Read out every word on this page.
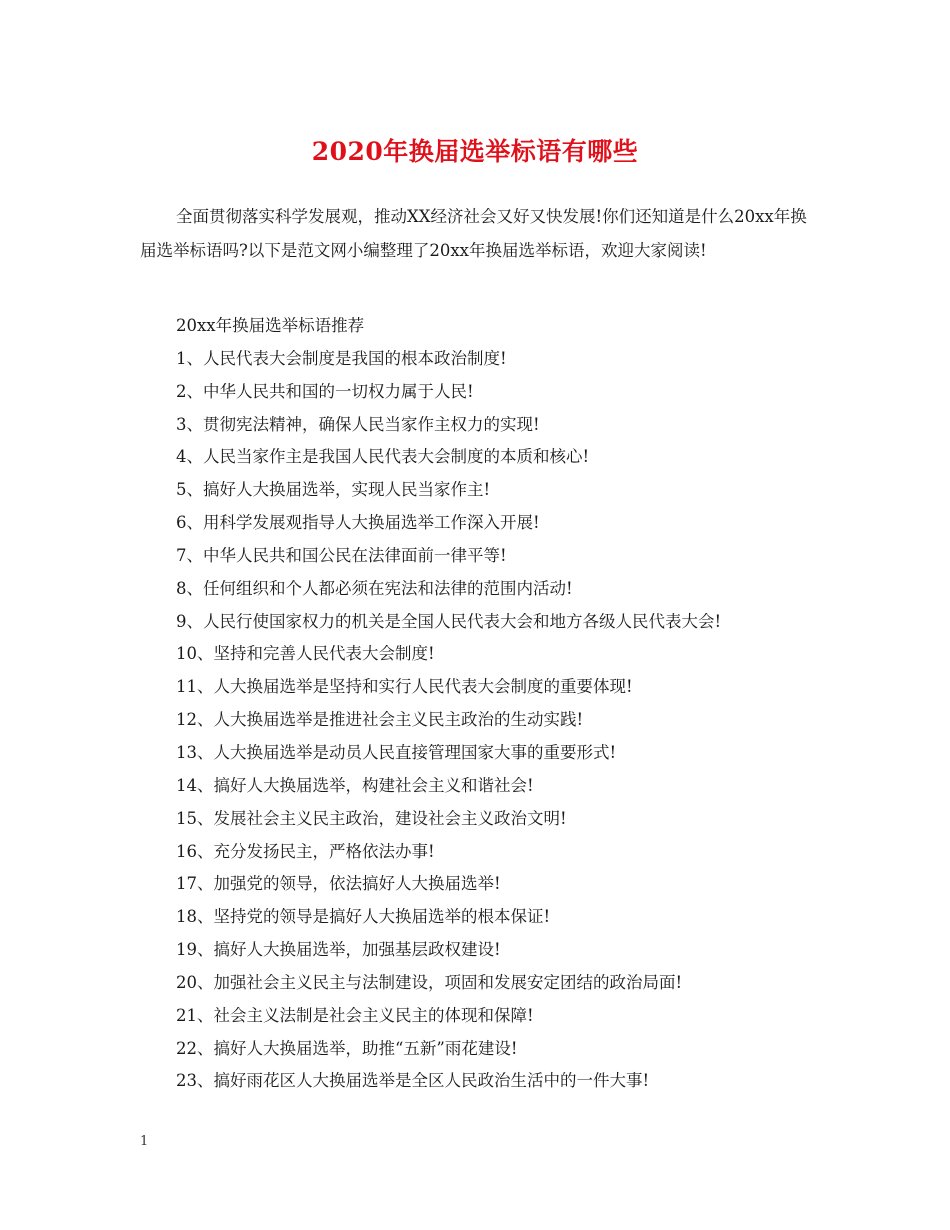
2020年换届选举标语有哪些

全面贯彻落实科学发展观，推动XX经济社会又好又快发展!你们还知道是什么20xx年换届选举标语吗?以下是范文网小编整理了20xx年换届选举标语，欢迎大家阅读!

20xx年换届选举标语推荐
1、人民代表大会制度是我国的根本政治制度!
2、中华人民共和国的一切权力属于人民!
3、贯彻宪法精神，确保人民当家作主权力的实现!
4、人民当家作主是我国人民代表大会制度的本质和核心!
5、搞好人大换届选举，实现人民当家作主!
6、用科学发展观指导人大换届选举工作深入开展!
7、中华人民共和国公民在法律面前一律平等!
8、任何组织和个人都必须在宪法和法律的范围内活动!
9、人民行使国家权力的机关是全国人民代表大会和地方各级人民代表大会!
10、坚持和完善人民代表大会制度!
11、人大换届选举是坚持和实行人民代表大会制度的重要体现!
12、人大换届选举是推进社会主义民主政治的生动实践!
13、人大换届选举是动员人民直接管理国家大事的重要形式!
14、搞好人大换届选举，构建社会主义和谐社会!
15、发展社会主义民主政治，建设社会主义政治文明!
16、充分发扬民主，严格依法办事!
17、加强党的领导，依法搞好人大换届选举!
18、坚持党的领导是搞好人大换届选举的根本保证!
19、搞好人大换届选举，加强基层政权建设!
20、加强社会主义民主与法制建设，项固和发展安定团结的政治局面!
21、社会主义法制是社会主义民主的体现和保障!
22、搞好人大换届选举，助推“五新”雨花建设!
23、搞好雨花区人大换届选举是全区人民政治生活中的一件大事!
1
